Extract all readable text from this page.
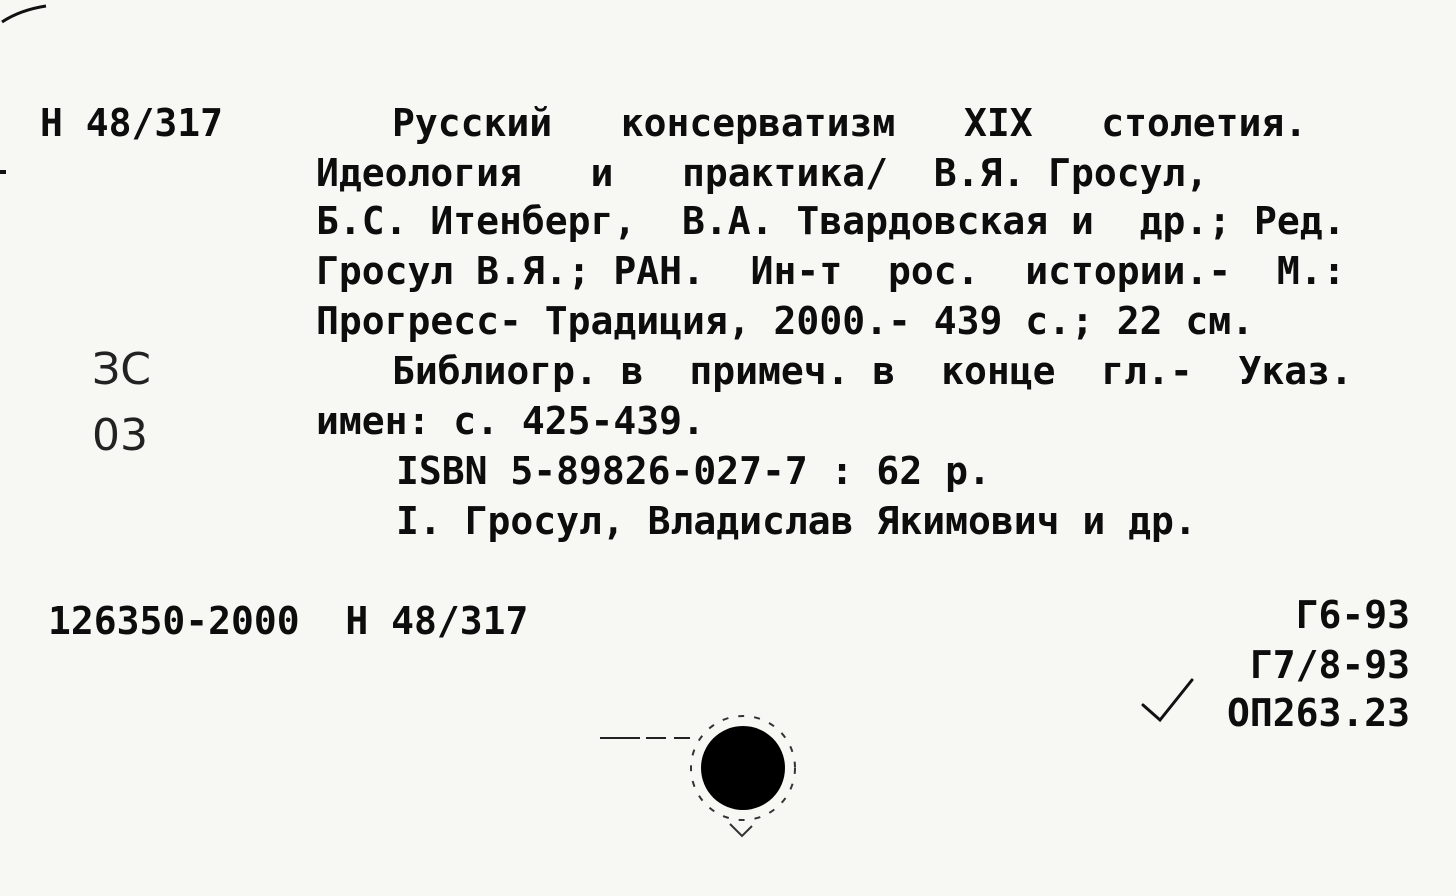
Н 48/317	Русский   консерватизм   XIX   столетия.
Идеология   и   практика/  В.Я. Гросул,
Б.С. Итенберг,  В.А. Твардовская и  др.; Ред.
Гросул В.Я.; РАН.  Ин-т  рос.  истории.-  М.:
Прогресс- Традиция, 2000.- 439 с.; 22 см.
Библиогр. в  примеч. в  конце  гл.-  Указ.
имен: с. 425-439.
ISBN 5-89826-027-7 : 62 р.
I. Гросул, Владислав Якимович и др.
ЗС
03
126350-2000  Н 48/317	Г6-93
Г7/8-93
ОП263.23
